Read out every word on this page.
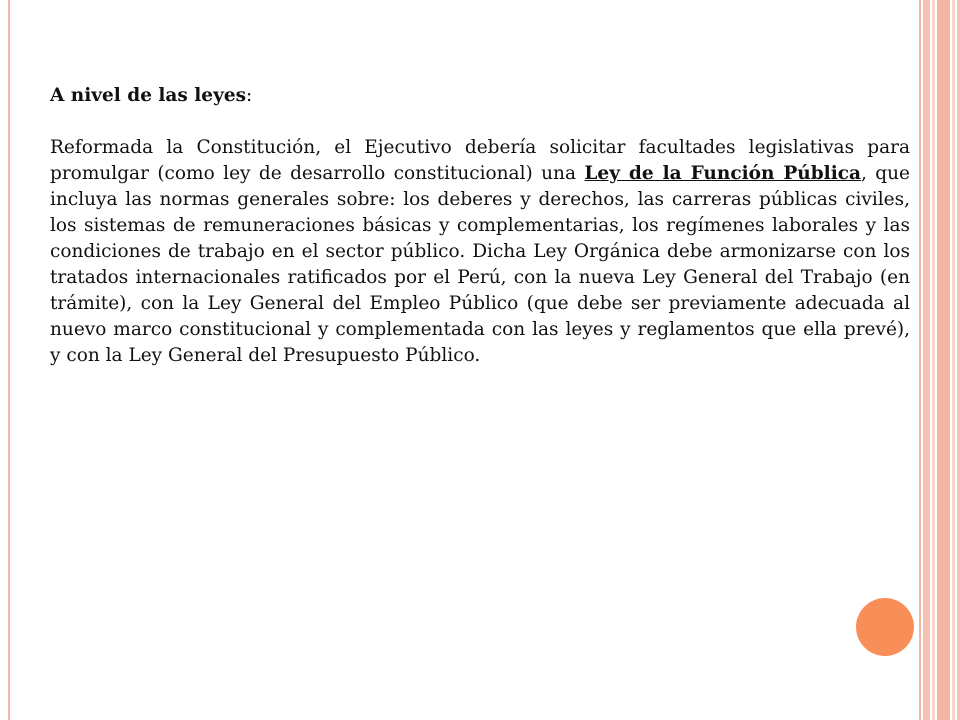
A nivel de las leyes:

Reformada la Constitución, el Ejecutivo debería solicitar facultades legislativas para promulgar (como ley de desarrollo constitucional) una Ley de la Función Pública, que incluya las normas generales sobre: los deberes y derechos, las carreras públicas civiles, los sistemas de remuneraciones básicas y complementarias, los regímenes laborales y las condiciones de trabajo en el sector público. Dicha Ley Orgánica debe armonizarse con los tratados internacionales ratificados por el Perú, con la nueva Ley General del Trabajo (en trámite), con la Ley General del Empleo Público (que debe ser previamente adecuada al nuevo marco constitucional y complementada con las leyes y reglamentos que ella prevé), y con la Ley General del Presupuesto Público.
